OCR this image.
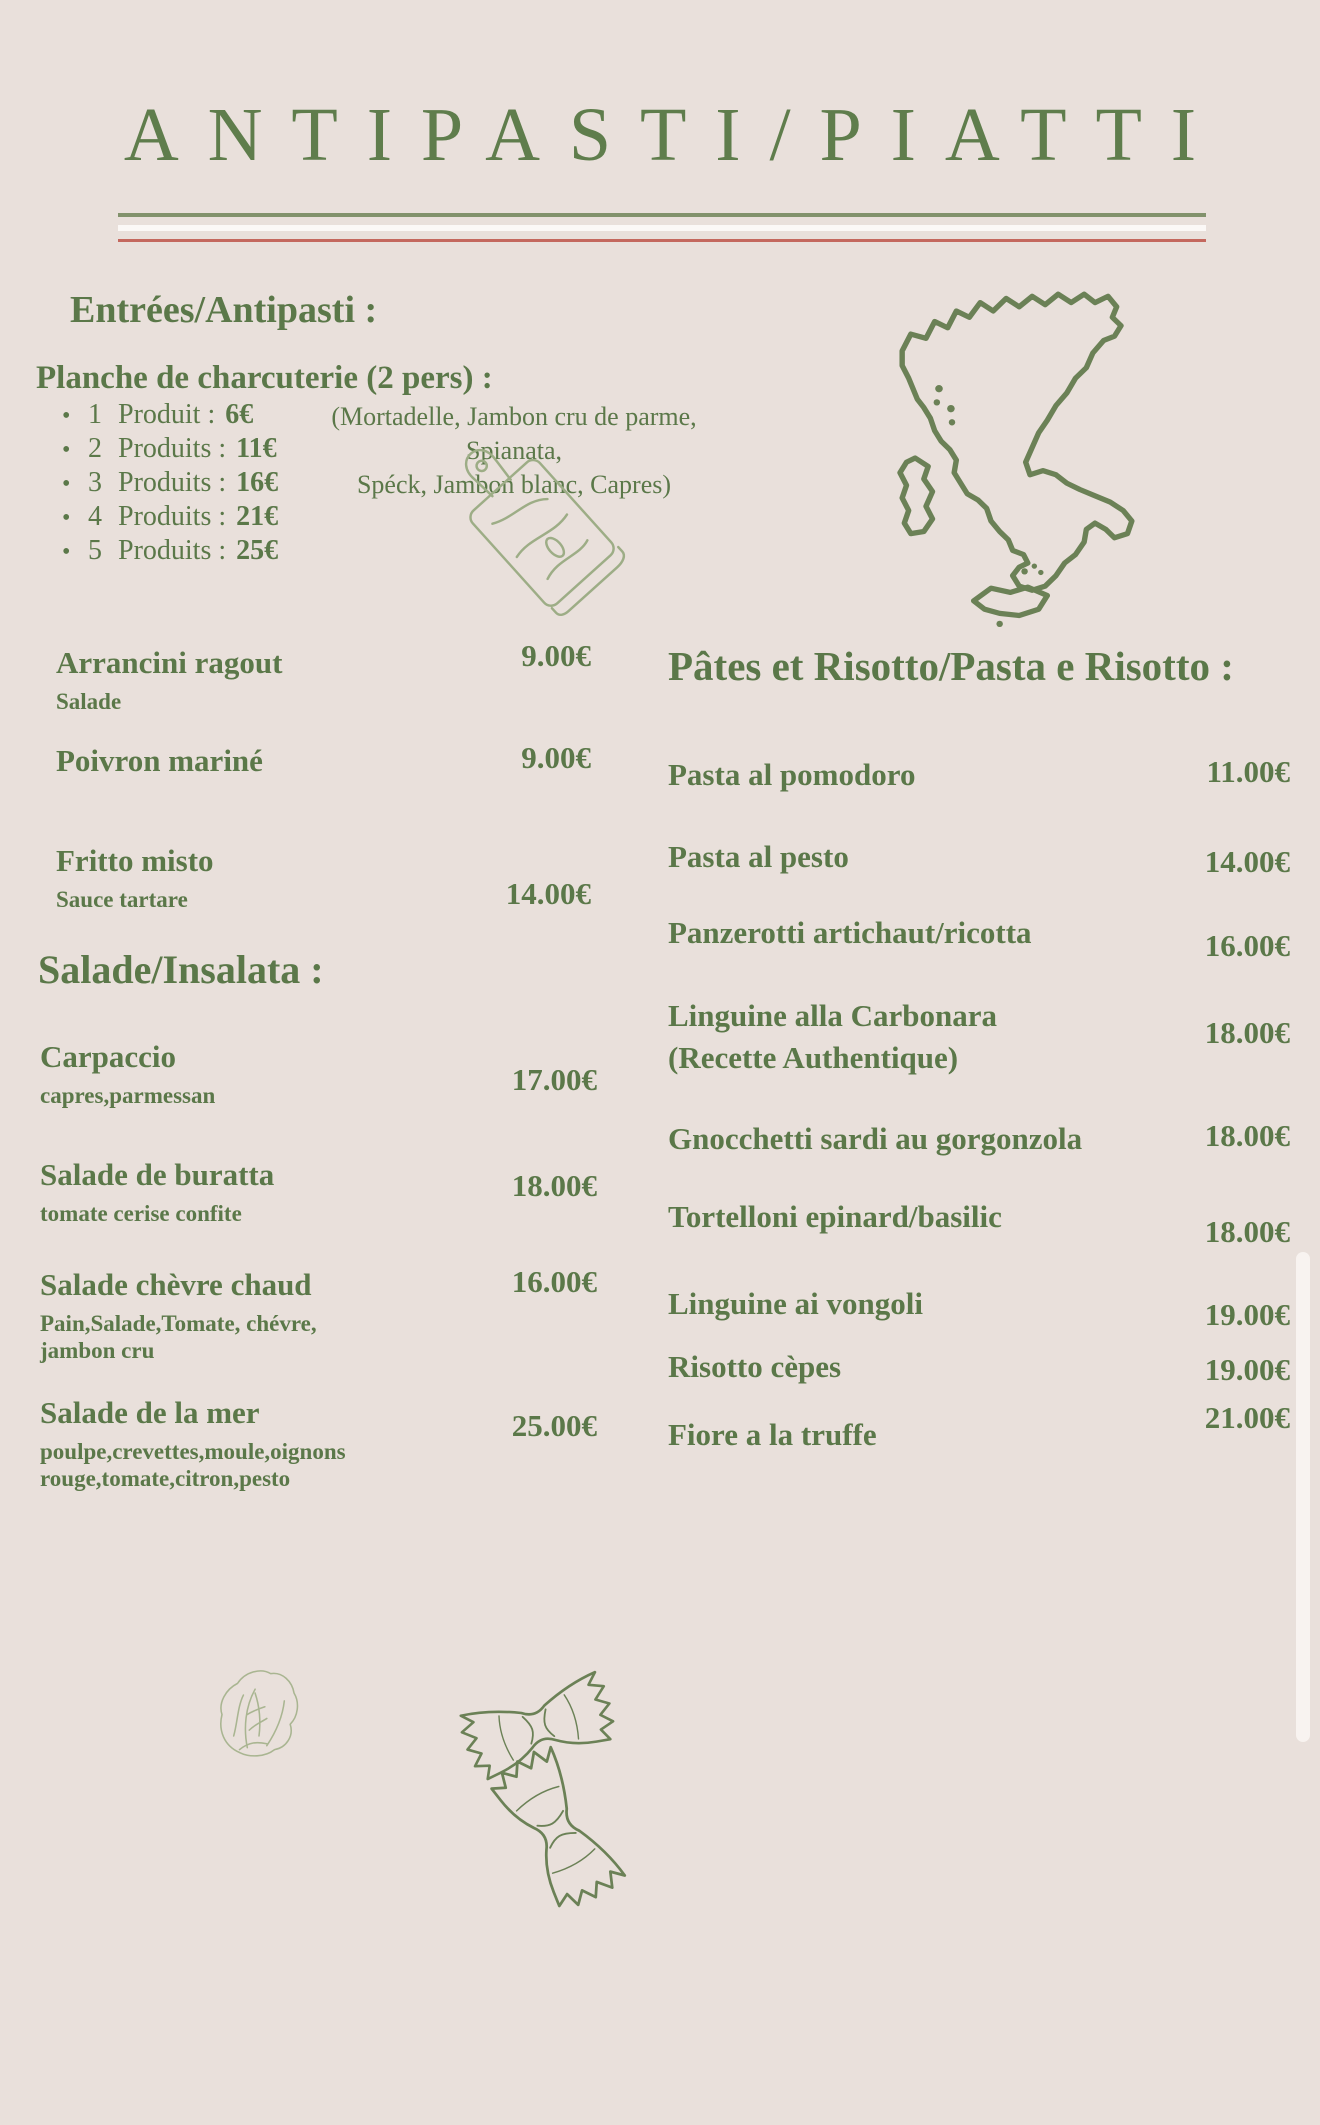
ANTIPASTI/PIATTI
Entrées/Antipasti :
Planche de charcuterie (2 pers) :
• 1 Produit : 6€
• 2 Produits : 11€
• 3 Produits : 16€
• 4 Produits : 21€
• 5 Produits : 25€
(Mortadelle, Jambon cru de parme, Spianata,
Spéck, Jambon blanc, Capres)
Arrancini ragout
Salade
9.00€
Poivron mariné	9.00€
Fritto misto
Sauce tartare	14.00€
Salade/Insalata :
Carpaccio
capres,parmessan	17.00€
Salade de buratta
tomate cerise confite
18.00€
Salade chèvre chaud
Pain,Salade,Tomate, chévre,
jambon cru
16.00€
Salade de la mer
poulpe,crevettes,moule,oignons
rouge,tomate,citron,pesto
25.00€
Pâtes et Risotto/Pasta e Risotto :
Pasta al pomodoro	11.00€
Pasta al pesto	14.00€
Panzerotti artichaut/ricotta	16.00€
Linguine alla Carbonara
(Recette Authentique)
18.00€
Gnocchetti sardi au gorgonzola	18.00€
Tortelloni epinard/basilic	18.00€
Linguine ai vongoli	19.00€
Risotto cèpes	19.00€
Fiore a la truffe	21.00€
